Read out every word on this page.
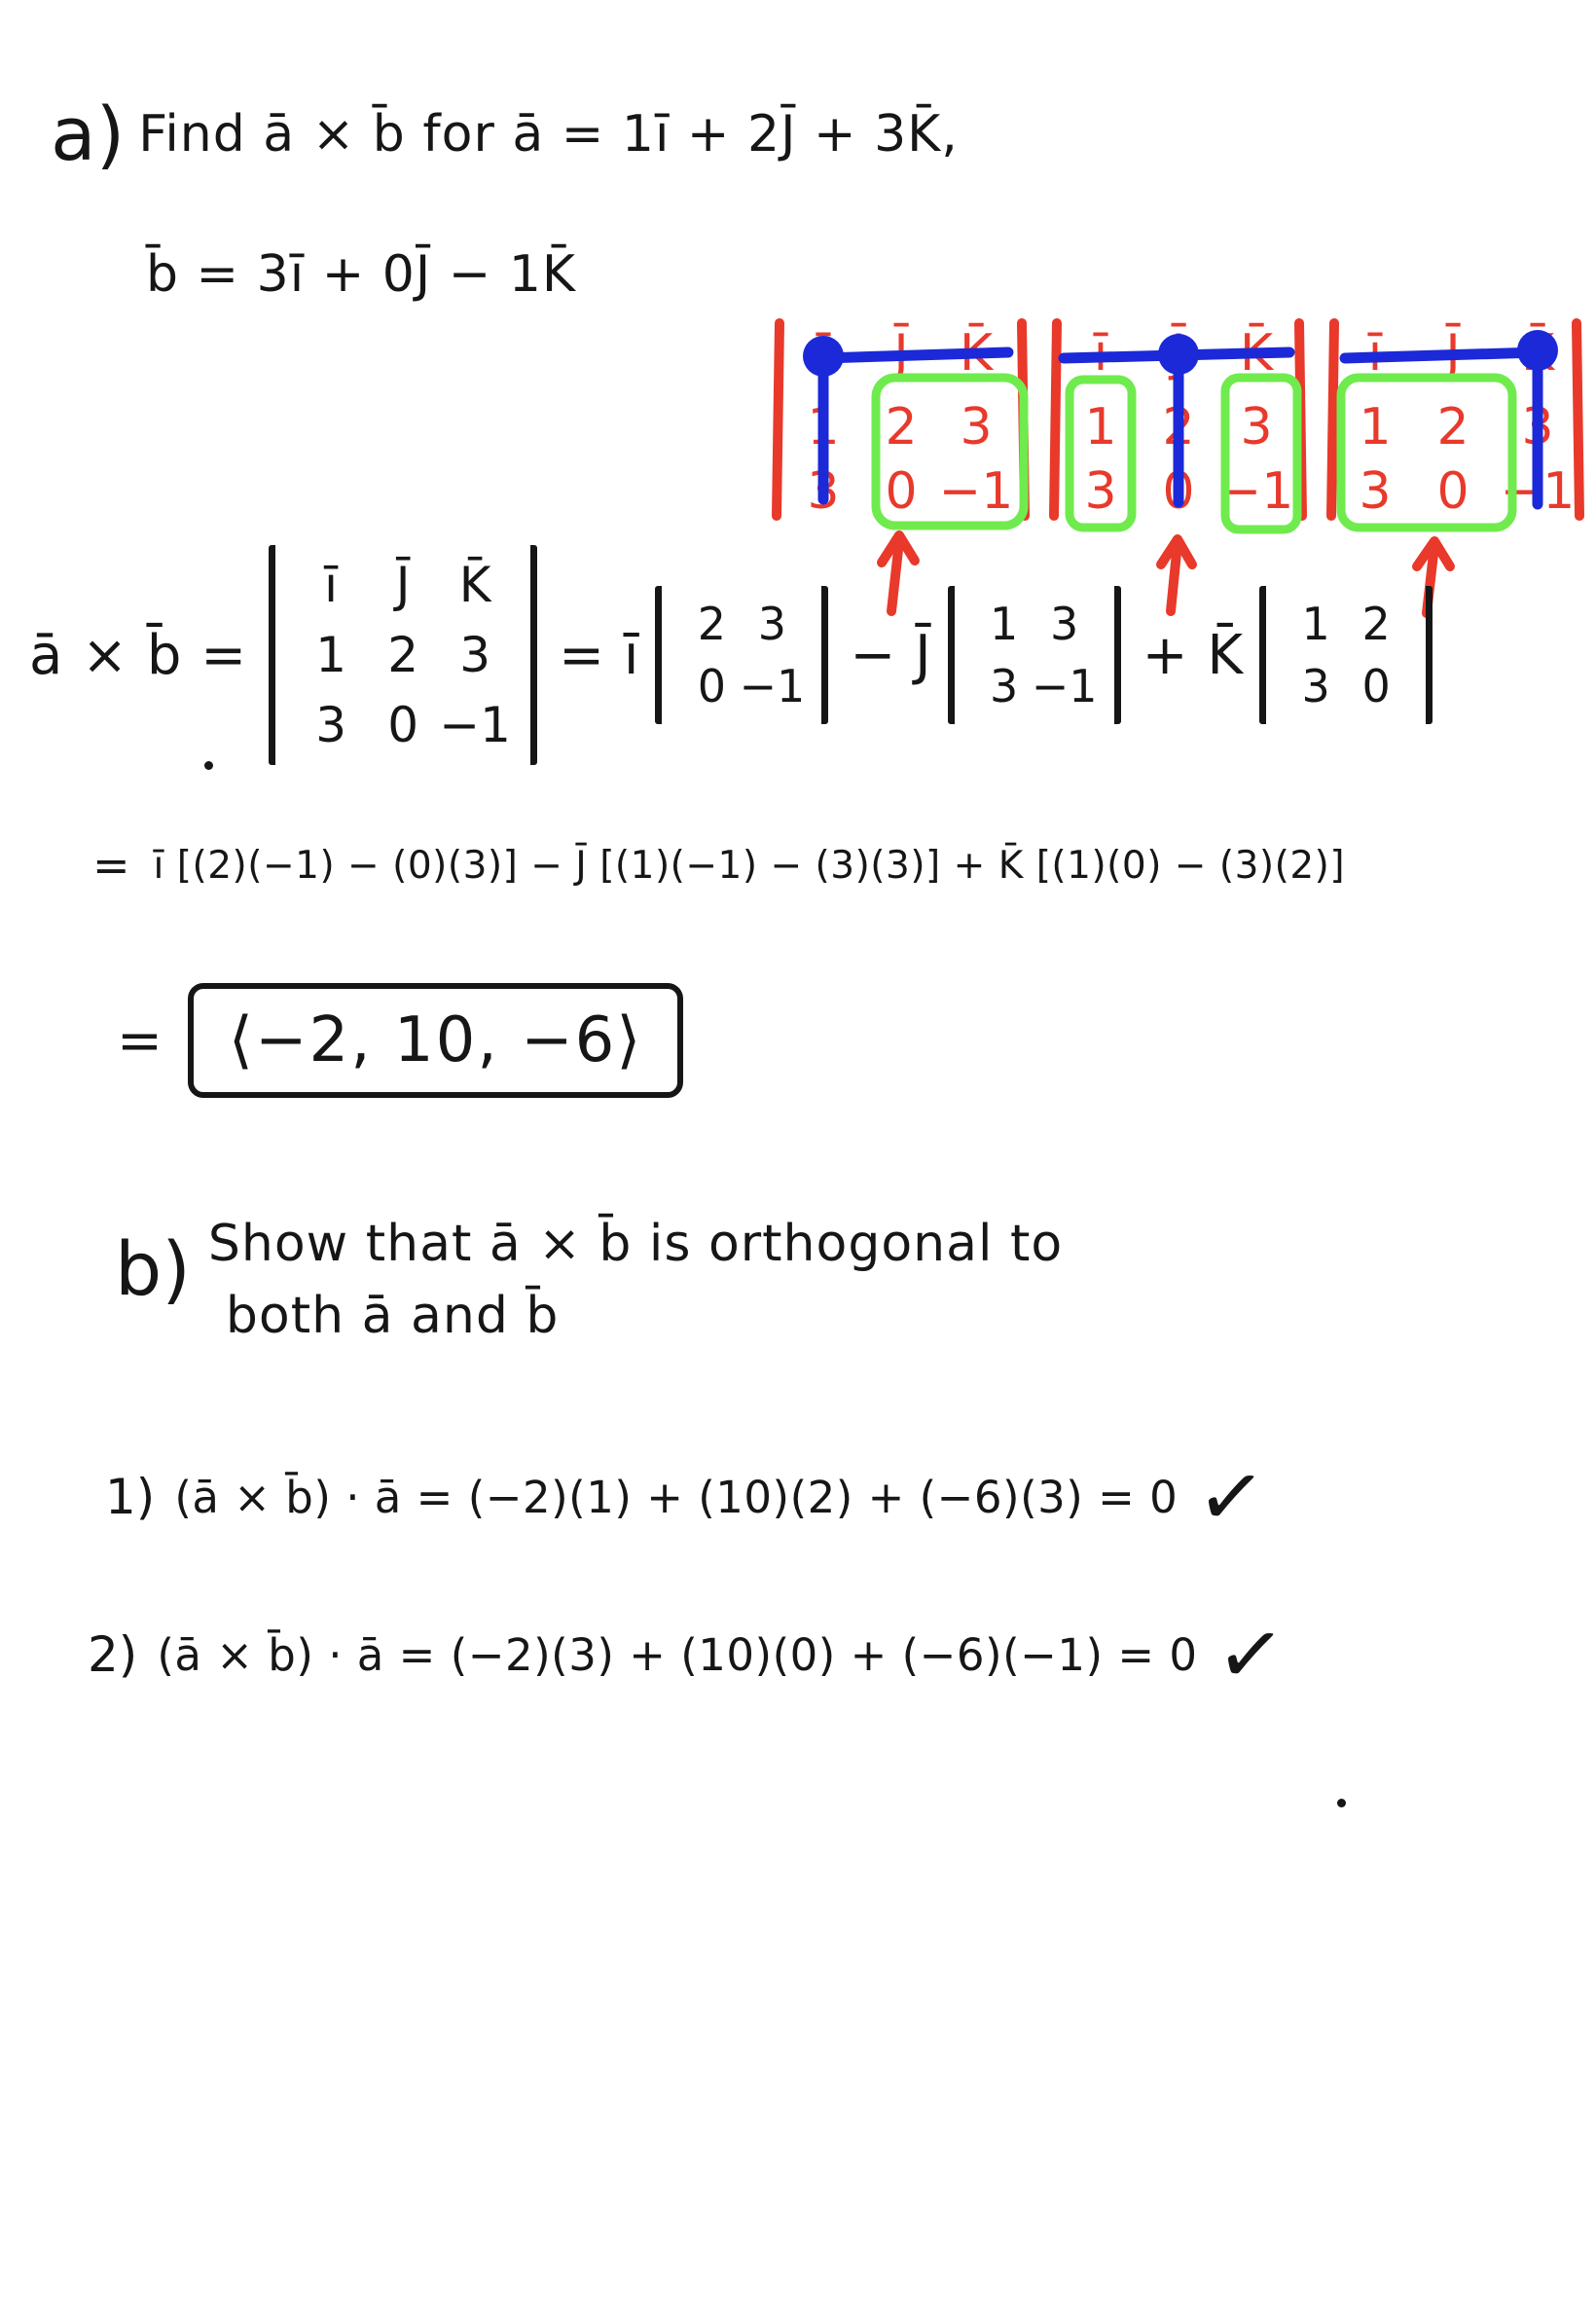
a) Find ā × b̄ for ā = 1ī + 2J̄ + 3K̄,
b̄ = 3ī + 0J̄ − 1K̄
J̄ K̄
1 2 3
3 0 −1
ī	K̄
1 2 3
3 0 −1
ī J̄
1 2 3
3 0 −1
ā × b̄ =
ī J̄ K̄
1 2 3
3 0 −1
= ī 2 3
0 −1 − J̄ 1 3
3 −1 + K̄ 1 2
3 0
= ī [(2)(−1) − (0)(3)] − J̄ [(1)(−1) − (3)(3)] + K̄ [(1)(0) − (3)(2)]
=	⟨−2, 10, −6⟩
b) Show that ā × b̄ is orthogonal to
both ā and b̄
1) (ā × b̄) · ā = (−2)(1) + (10)(2) + (−6)(3) = 0 ✓
2) (ā × b̄) · ā = (−2)(3) + (10)(0) + (−6)(−1) = 0 ✓
